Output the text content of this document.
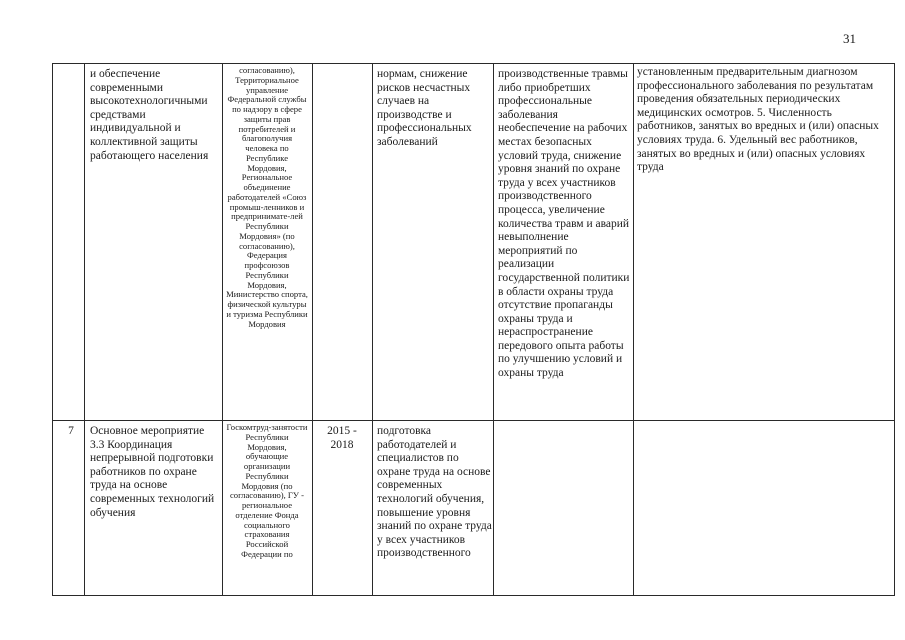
31
и обеспечение современными высокотехнологичными средствами индивидуальной и коллективной защиты работающего населения
согласованию), Территориальное управление Федеральной службы по надзору в сфере защиты прав потребителей и благополучия человека по Республике Мордовия, Региональное объединение работодателей «Союз промыш-ленников и предпринимате-лей Республики Мордовия» (по согласованию), Федерация профсоюзов Республики Мордовия, Министерство спорта, физической культуры и туризма Республики Мордовия
нормам, снижение рисков несчастных случаев на производстве и профессиональных заболеваний
производственные травмы либо приобретших профессиональные заболевания необеспечение на рабочих местах безопасных условий труда, снижение уровня знаний по охране труда у всех участников производственного процесса, увеличение количества травм и аварий невыполнение мероприятий по реализации государственной политики в области охраны труда отсутствие пропаганды охраны труда и нераспространение передового опыта работы по улучшению условий и охраны труда
установленным предварительным диагнозом профессионального заболевания по результатам проведения обязательных периодических медицинских осмотров. 5. Численность работников, занятых во вредных и (или) опасных условиях труда. 6. Удельный вес работников, занятых во вредных и (или) опасных условиях труда
7	Основное мероприятие 3.3 Координация непрерывной подготовки работников по охране труда на основе современных технологий обучения
Госкомтруд-занятости Республики Мордовия, обучающие организации Республики Мордовия (по согласованию), ГУ - региональное отделение Фонда социального страхования Российской Федерации по
2015 - 2018
подготовка работодателей и специалистов по охране труда на основе современных технологий обучения, повышение уровня знаний по охране труда у всех участников производственного
